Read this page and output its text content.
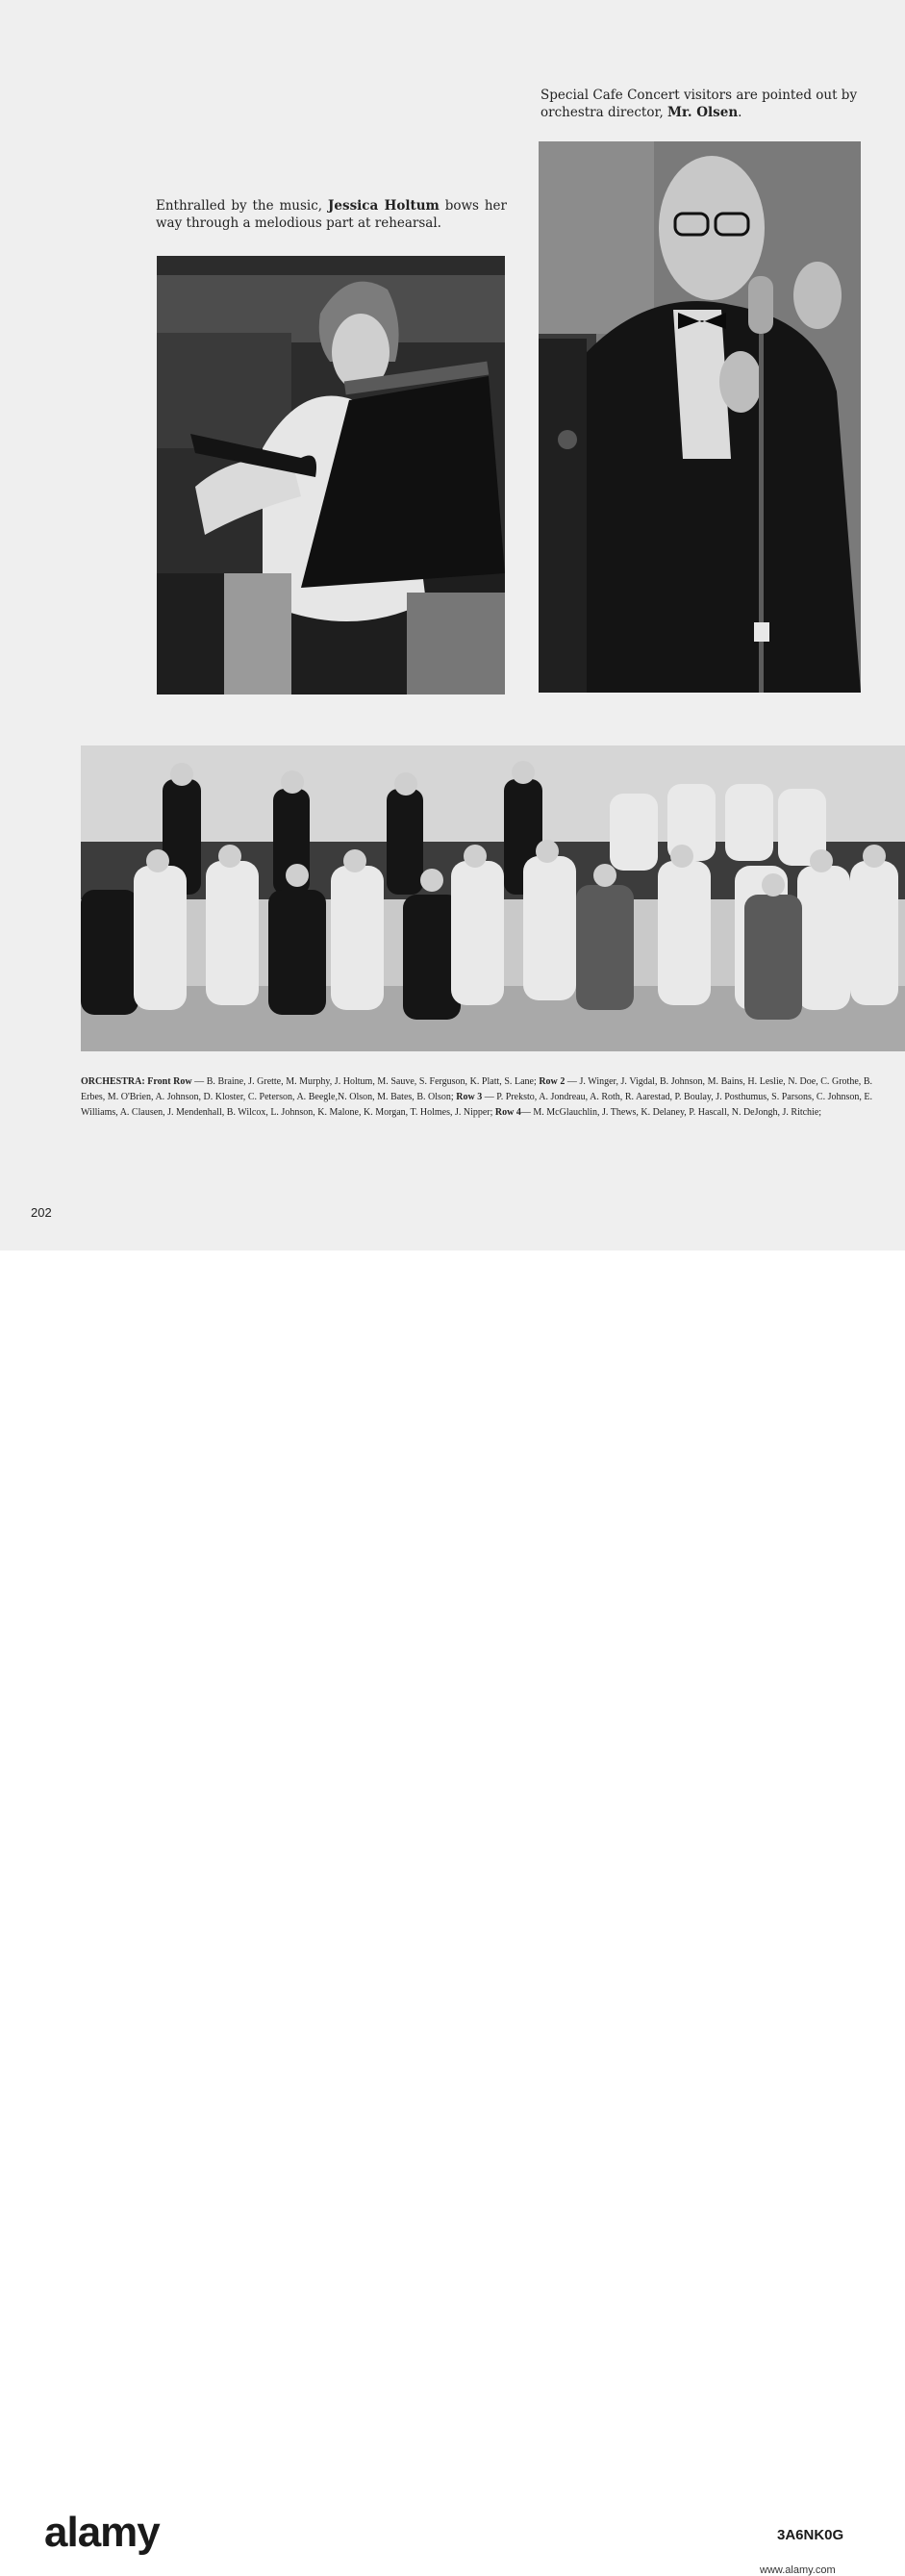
Special Cafe Concert visitors are pointed out by orchestra director, Mr. Olsen.

Enthralled by the music, Jessica Holtum bows her way through a melodious part at rehearsal.

ORCHESTRA: Front Row — B. Braine, J. Grette, M. Murphy, J. Holtum, M. Sauve, S. Ferguson, K. Platt, S. Lane; Row 2 — J. Winger, J. Vigdal, B. Johnson, M. Bains, H. Leslie, N. Doe, C. Grothe, B. Erbes, M. O'Brien, A. Johnson, D. Kloster, C. Peterson, A. Beegle,N. Olson, M. Bates, B. Olson; Row 3 — P. Preksto, A. Jondreau, A. Roth, R. Aarestad, P. Boulay, J. Posthumus, S. Parsons, C. Johnson, E. Williams, A. Clausen, J. Mendenhall, B. Wilcox, L. Johnson, K. Malone, K. Morgan, T. Holmes, J. Nipper; Row 4— M. McGlauchlin, J. Thews, K. Delaney, P. Hascall, N. DeJongh, J. Ritchie;

202
alamy	3A6NK0G
www.alamy.com
